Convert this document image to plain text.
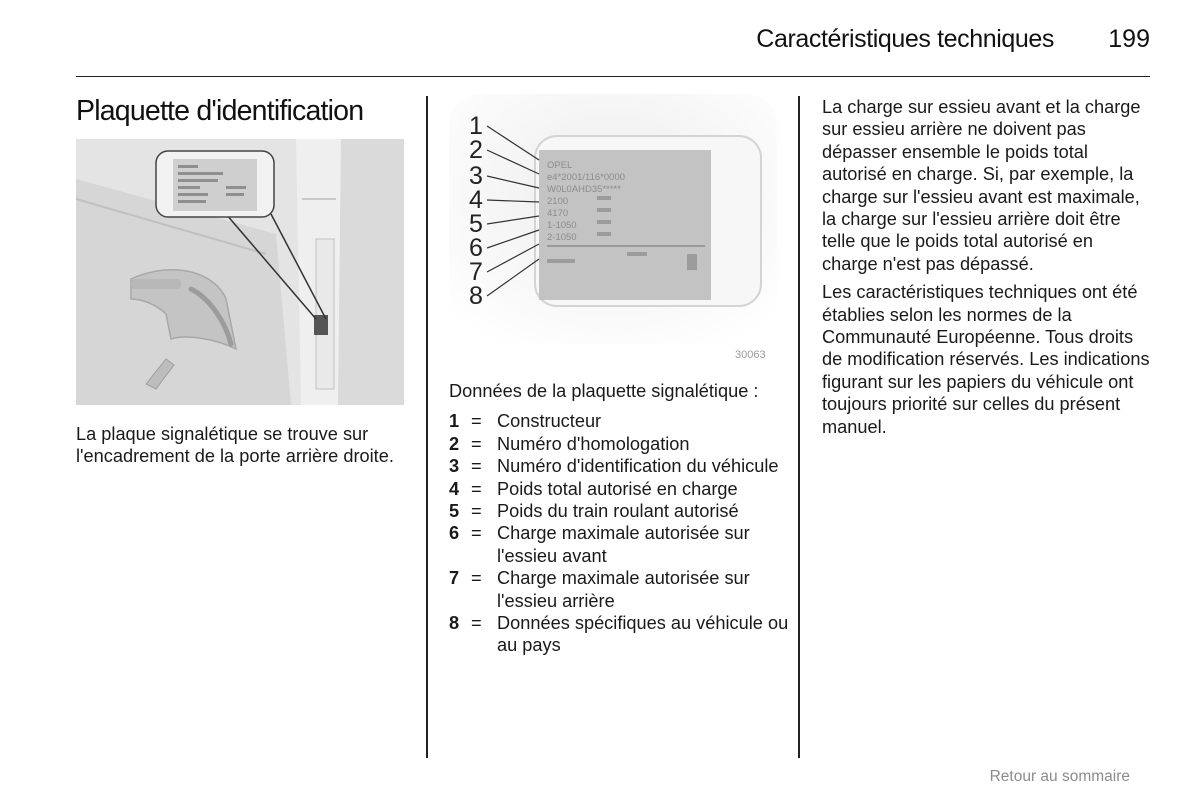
Caractéristiques techniques 199
Plaquette d'identification

La plaque signalétique se trouve sur l'encadrement de la porte arrière droite.

OPEL
e4*2001/116*0000
W0L0AHD35*****
2100
4170
1-1050
2-1050
1
2
3
4
5
6
7
8
30063

Données de la plaquette signalétique :

1 = Constructeur
2 = Numéro d'homologation
3 = Numéro d'identification du véhicule
4 = Poids total autorisé en charge
5 = Poids du train roulant autorisé
6 = Charge maximale autorisée sur l'essieu avant
7 = Charge maximale autorisée sur l'essieu arrière
8 = Données spécifiques au véhicule ou au pays

La charge sur essieu avant et la charge sur essieu arrière ne doivent pas dépasser ensemble le poids total autorisé en charge. Si, par exemple, la charge sur l'essieu avant est maximale, la charge sur l'essieu arrière doit être telle que le poids total autorisé en charge n'est pas dépassé.

Les caractéristiques techniques ont été établies selon les normes de la Communauté Européenne. Tous droits de modification réservés. Les indications figurant sur les papiers du véhicule ont toujours priorité sur celles du présent manuel.

Retour au sommaire
